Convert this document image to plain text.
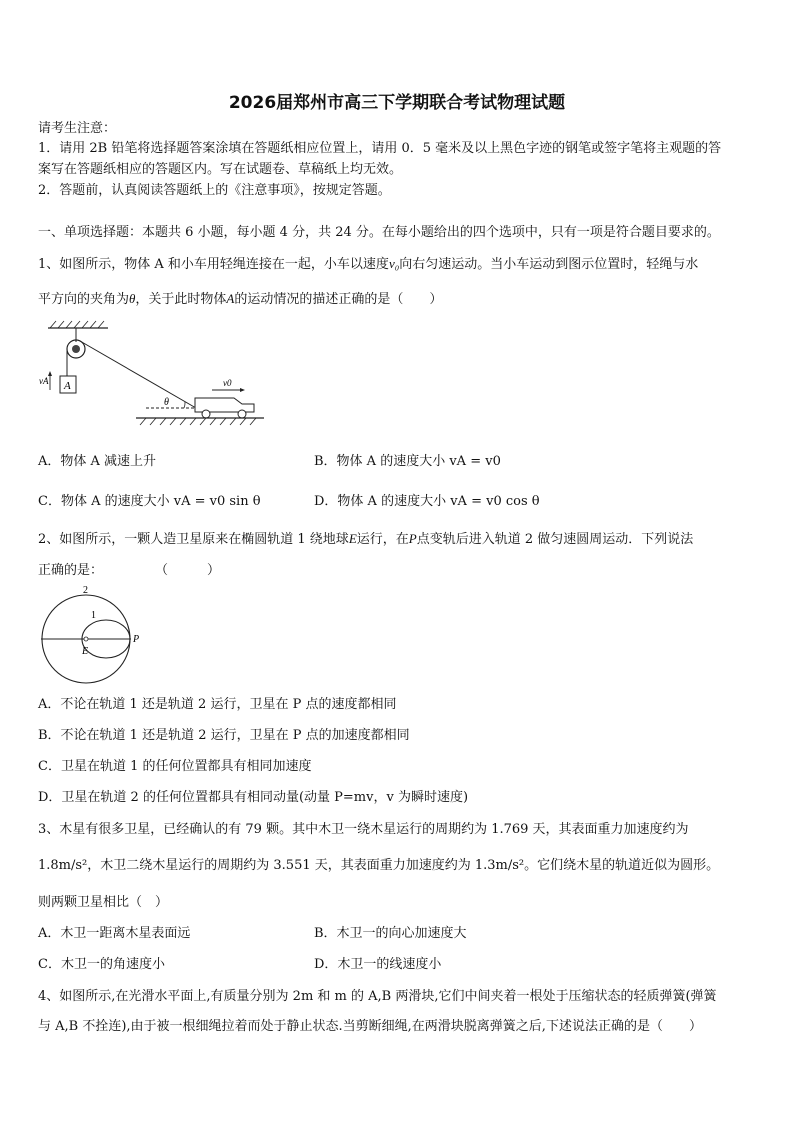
2026届郑州市高三下学期联合考试物理试题
请考生注意：
1．请用 2B 铅笔将选择题答案涂填在答题纸相应位置上，请用 0．5 毫米及以上黑色字迹的钢笔或签字笔将主观题的答
案写在答题纸相应的答题区内。写在试题卷、草稿纸上均无效。
2．答题前，认真阅读答题纸上的《注意事项》，按规定答题。
一、单项选择题：本题共 6 小题，每小题 4 分，共 24 分。在每小题给出的四个选项中，只有一项是符合题目要求的。
1、如图所示，物体 A 和小车用轻绳连接在一起，小车以速度v₀向右匀速运动。当小车运动到图示位置时，轻绳与水
平方向的夹角为θ，关于此时物体A的运动情况的描述正确的是（　　）
A
vA
θ
v0
A．物体 A 减速上升	B．物体 A 的速度大小 vA = v0
C．物体 A 的速度大小 vA = v0 sin θ	D．物体 A 的速度大小 vA = v0 cos θ
2、如图所示，一颗人造卫星原来在椭圆轨道 1 绕地球E运行，在P点变轨后进入轨道 2 做匀速圆周运动．下列说法
正确的是：　　　　　（　　　）
2
1
P
E
A．不论在轨道 1 还是轨道 2 运行，卫星在 P 点的速度都相同
B．不论在轨道 1 还是轨道 2 运行，卫星在 P 点的加速度都相同
C．卫星在轨道 1 的任何位置都具有相同加速度
D．卫星在轨道 2 的任何位置都具有相同动量(动量 P=mv，v 为瞬时速度)
3、木星有很多卫星，已经确认的有 79 颗。其中木卫一绕木星运行的周期约为 1.769 天，其表面重力加速度约为
1.8m/s²，木卫二绕木星运行的周期约为 3.551 天，其表面重力加速度约为 1.3m/s²。它们绕木星的轨道近似为圆形。
则两颗卫星相比（　）
A．木卫一距离木星表面远	B．木卫一的向心加速度大
C．木卫一的角速度小	D．木卫一的线速度小
4、如图所示,在光滑水平面上,有质量分别为 2m 和 m 的 A,B 两滑块,它们中间夹着一根处于压缩状态的轻质弹簧(弹簧
与 A,B 不拴连),由于被一根细绳拉着而处于静止状态.当剪断细绳,在两滑块脱离弹簧之后,下述说法正确的是（　　）
